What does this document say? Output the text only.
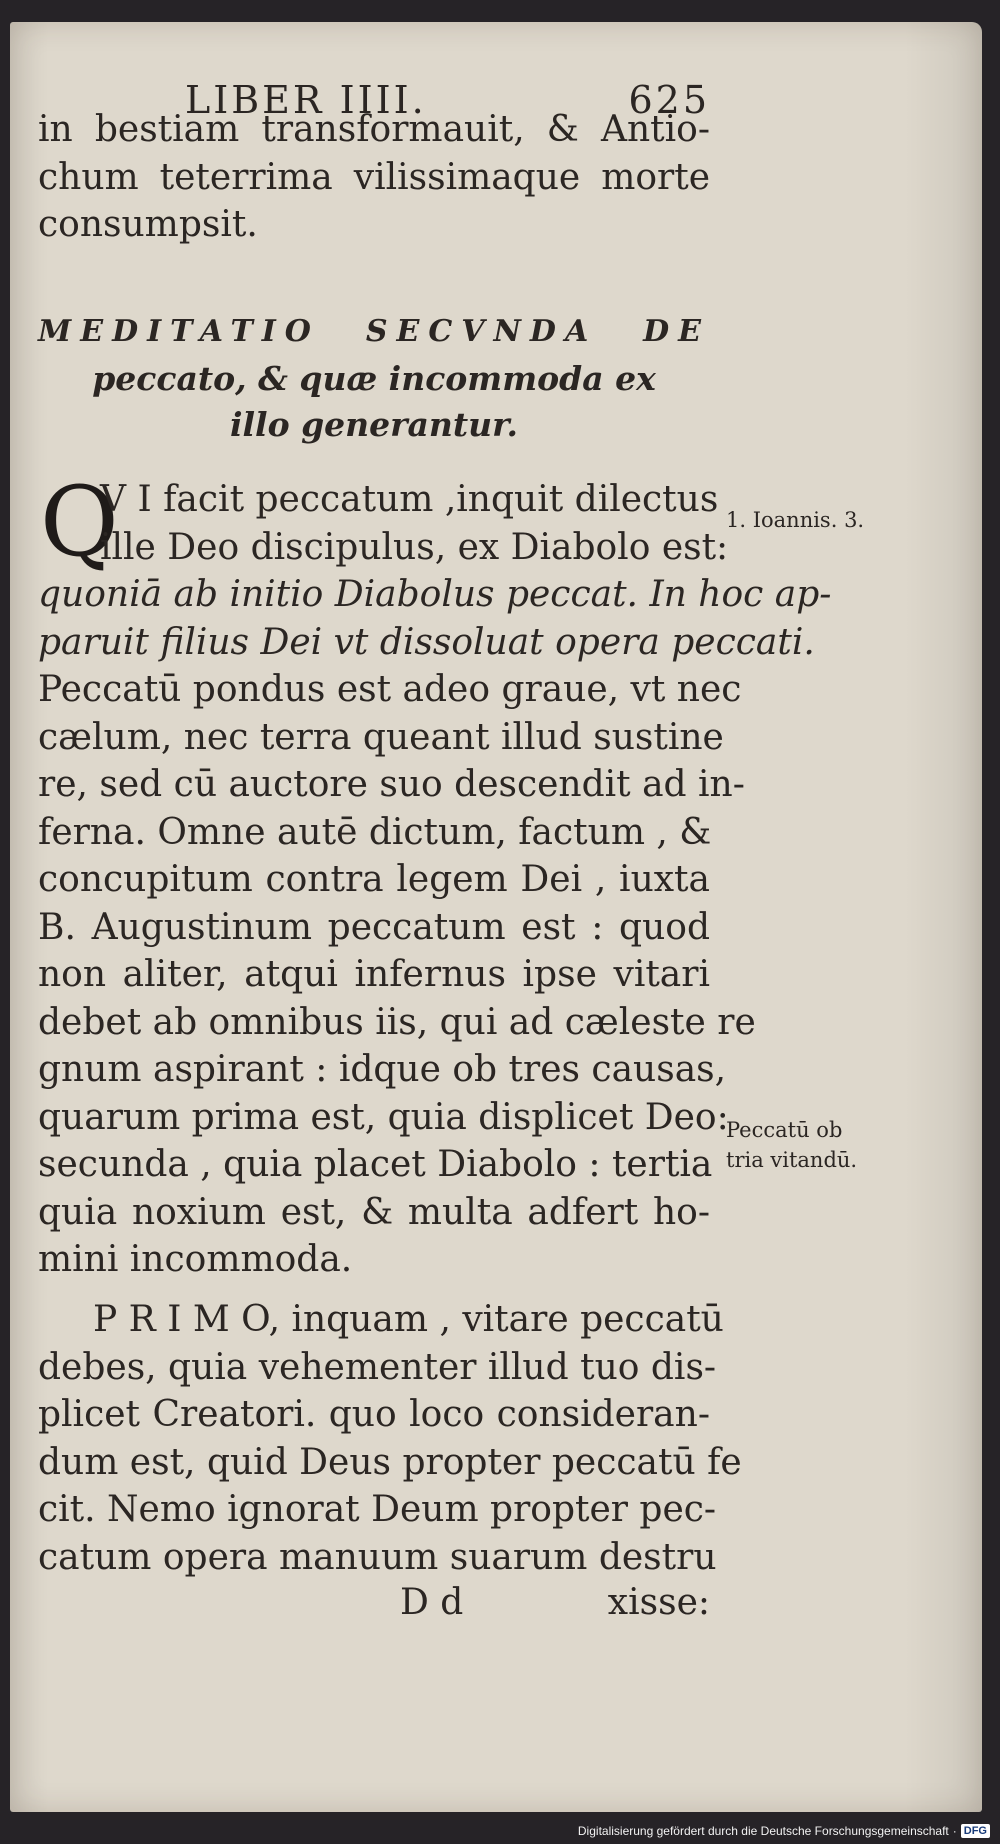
LIBER IIII.	625
in bestiam transformauit, & Antio-
chum teterrima vilissimaque morte
consumpsit.
MEDITATIO SECVNDA DE
peccato, & quæ incommoda ex
illo generantur.
Q
V I facit peccatum ,inquit dilectus
ille Deo discipulus, ex Diabolo est:
quoniā ab initio Diabolus peccat. In hoc ap-
paruit filius Dei vt dissoluat opera peccati.
Peccatū pondus est adeo graue, vt nec
cælum, nec terra queant illud sustine
re, sed cū auctore suo descendit ad in-
ferna. Omne autē dictum, factum , &
concupitum contra legem Dei , iuxta
B. Augustinum peccatum est : quod
non aliter, atqui infernus ipse vitari
debet ab omnibus iis, qui ad cæleste re
gnum aspirant : idque ob tres causas,
quarum prima est, quia displicet Deo:
secunda , quia placet Diabolo : tertia
quia noxium est, & multa adfert ho-
mini incommoda.
P R I M O, inquam , vitare peccatū
debes, quia vehementer illud tuo dis-
plicet Creatori. quo loco consideran-
dum est, quid Deus propter peccatū fe
cit. Nemo ignorat Deum propter pec-
catum opera manuum suarum destru
1. Ioannis. 3.
Peccatū ob
tria vitandū.
D d	xisse:
Digitalisierung gefördert durch die Deutsche Forschungsgemeinschaft · DFG
